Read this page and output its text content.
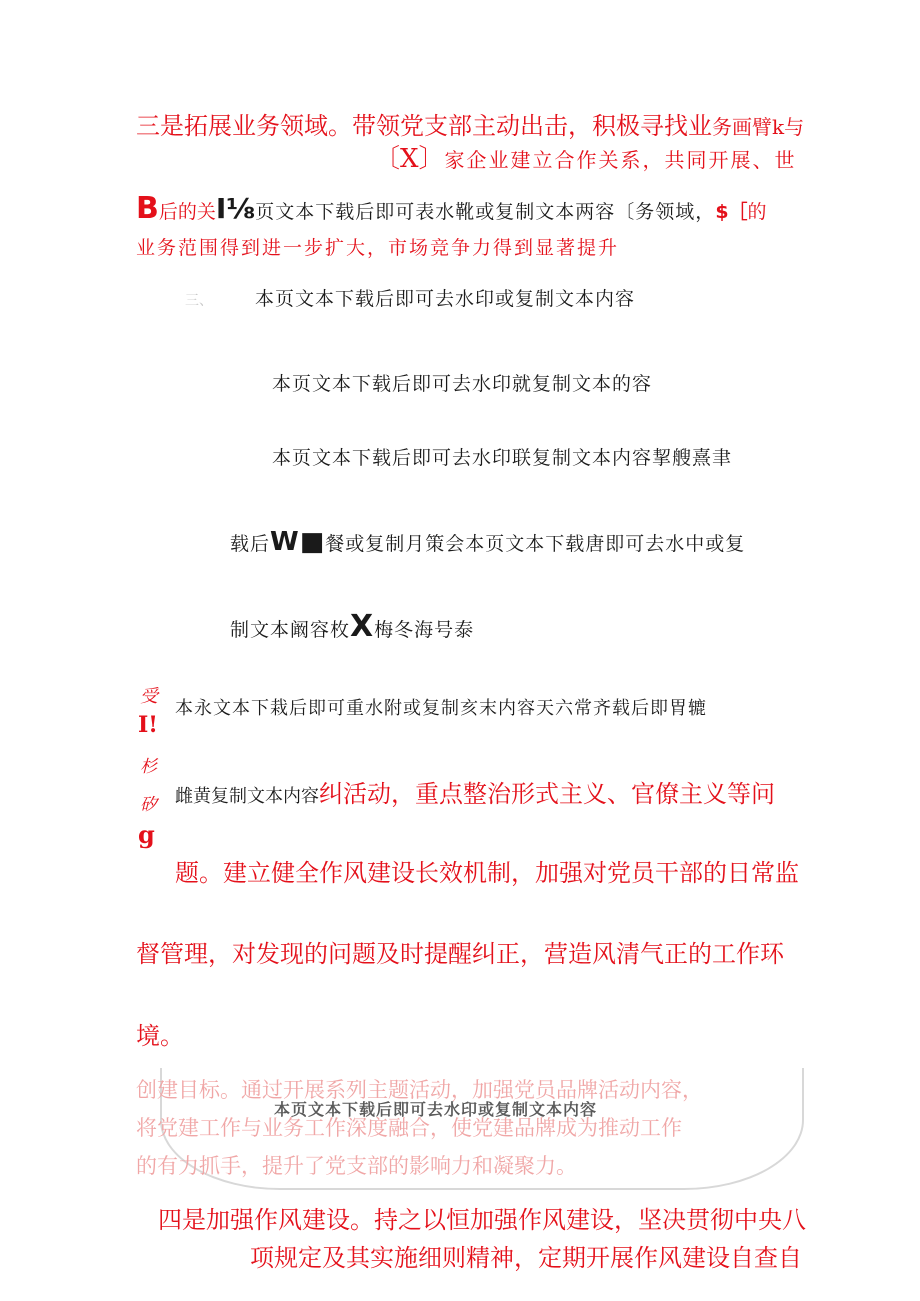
三是拓展业务领域。带领党支部主动出击，积极寻找业务画臂k与
〔X〕家企业建立合作关系，共同开展、世
B后的关I⅛页文本下载后即可表水靴或复制文本两容〔务领域，$［的
业务范围得到进一步扩大，市场竞争力得到显著提升
三、 本页文本下载后即可去水印或复制文本内容
本页文本下载后即可去水印就复制文本的容
本页文本下载后即可去水印联复制文本内容挈艘熹聿
载后W■餐或复制月策会本页文本下载唐即可去水中或复
制文本阚容枚X梅冬海号泰
受
I!
杉
矽
g
本永文本下栽后即可重水附或复制亥末内容天六常齐载后即胃辘
雌黄复制文本内容纠活动，重点整治形式主义、官僚主义等问
题。建立健全作风建设长效机制，加强对党员干部的日常监
督管理，对发现的问题及时提醒纠正，营造风清气正的工作环
境。
创建目标。通过开展系列主题活动，加强党员品牌活动内容，
将党建工作与业务工作深度融合，使党建品牌成为推动工作
的有力抓手，提升了党支部的影响力和凝聚力。
本页文本下载后即可去水印或复制文本内容
四是加强作风建设。持之以恒加强作风建设，坚决贯彻中央八
项规定及其实施细则精神，定期开展作风建设自查自
